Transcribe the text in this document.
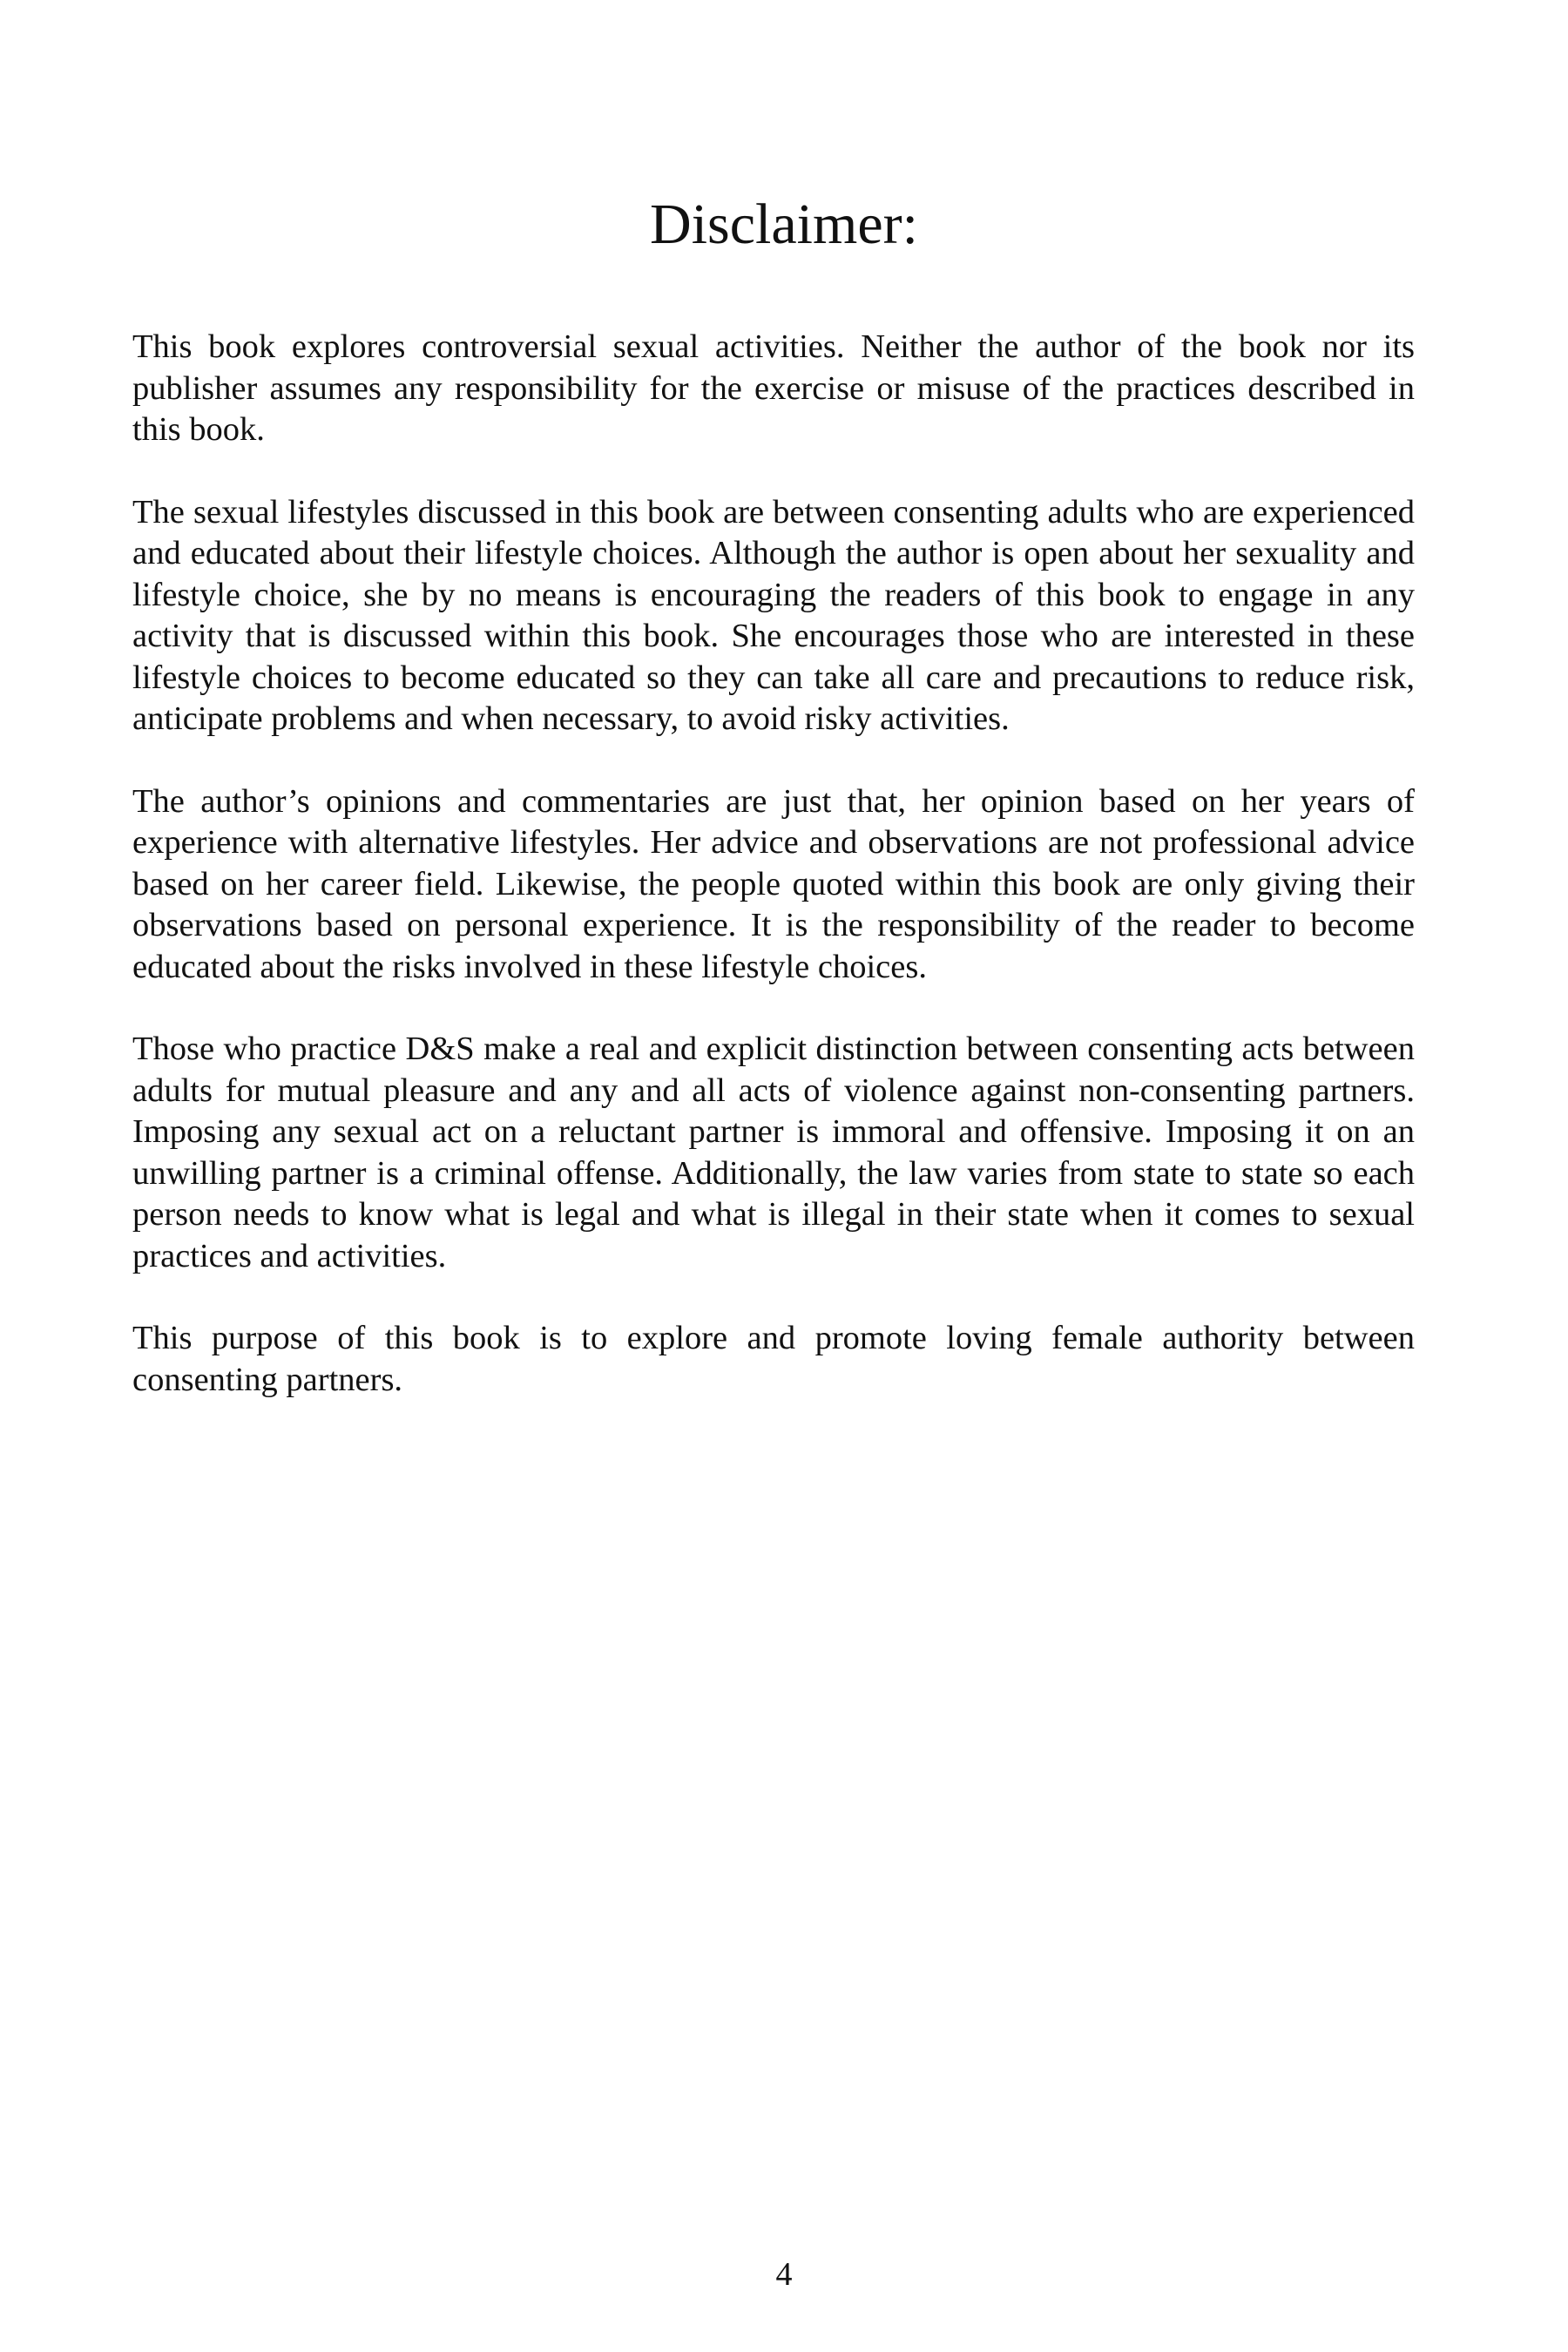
Disclaimer:

This book explores controversial sexual activities. Neither the author of the book nor its publisher assumes any responsibility for the exercise or misuse of the practices described in this book.

The sexual lifestyles discussed in this book are between consenting adults who are experienced and educated about their lifestyle choices. Although the author is open about her sexuality and lifestyle choice, she by no means is encouraging the readers of this book to engage in any activity that is discussed within this book. She encourages those who are interested in these lifestyle choices to become educated so they can take all care and precautions to reduce risk, anticipate problems and when necessary, to avoid risky activities.

The author’s opinions and commentaries are just that, her opinion based on her years of experience with alternative lifestyles. Her advice and observations are not professional advice based on her career field. Likewise, the people quoted within this book are only giving their observations based on personal experience. It is the responsibility of the reader to become educated about the risks involved in these lifestyle choices.

Those who practice D&S make a real and explicit distinction between consenting acts between adults for mutual pleasure and any and all acts of violence against non-consenting partners. Imposing any sexual act on a reluctant partner is immoral and offensive. Imposing it on an unwilling partner is a criminal offense. Additionally, the law varies from state to state so each person needs to know what is legal and what is illegal in their state when it comes to sexual practices and activities.

This purpose of this book is to explore and promote loving female authority between consenting partners.

4
